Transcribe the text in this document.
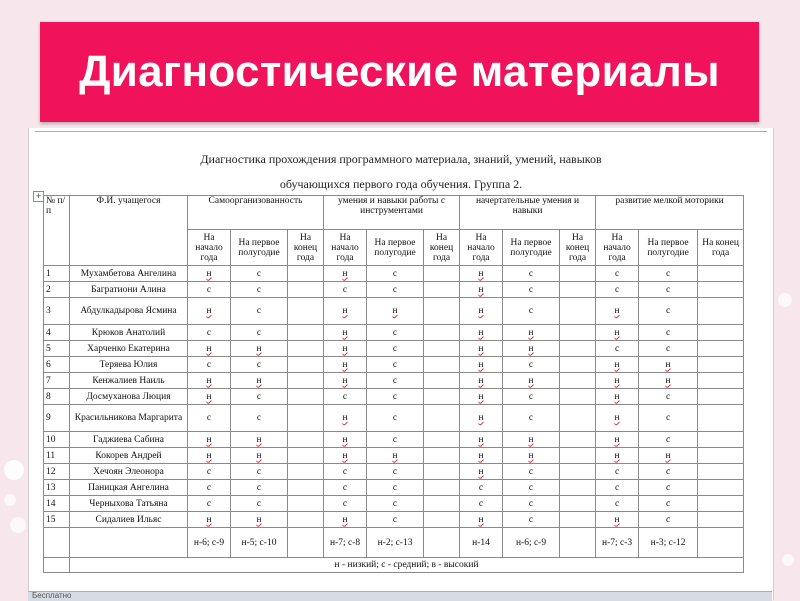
Диагностические материалы
Диагностика прохождения программного материала, знаний, умений, навыков
обучающихся первого года обучения. Группа 2.
+ № п/п	Ф.И. учащегося	Самоорганизованность			умения и навыки работы с инструментами			начертательные умения и навыки			развитие мелкой моторики		
		На начало года	На первое полугодие	На конец года	На начало года	На первое полугодие	На конец года	На начало года	На первое полугодие	На конец года	На начало года	На первое полугодие	На конец года
1	Мухамбетова Ангелина	н	с		н	с		н	с		с	с	
2	Багратиони Алина	с	с		с	с		н	с		с	с	
3	Абдулкадырова Ясмина	н	с		н	н		н	с		н	с	
4	Крюков Анатолий	с	с		н	с		н	н		н	с	
5	Харченко Екатерина	н	н		н	с		н	н		с	с	
6	Теряева Юлия	с	с		н	с		н	с		н	н	
7	Кенжалиев Наиль	н	н		н	с		н	н		н	н	
8	Досмуханова Люция	н	с		с	с		н	с		н	с	
9	Красильникова Маргарита	с	с		н	с		н	с		н	с	
10	Гаджиева Сабина	н	н		н	с		н	н		н	с	
11	Кокорев Андрей	н	н		н	н		н	н		н	н	
12	Хечоян Элеонора	с	с		с	с		н	с		с	с	
13	Паницкая Ангелина	с	с		с	с		с	с		с	с	
14	Черныхова Татьяна	с	с		с	с		с	с		с	с	
15	Сидалиев Ильяс	н	н		н	с		н	с		н	с	
		н-6; с-9	н-5; с-10		н-7; с-8	н-2; с-13		н-14	н-6; с-9		н-7; с-3	н-3; с-12	
	н - низкий; с - средний; в - высокий												
Бесплатно
